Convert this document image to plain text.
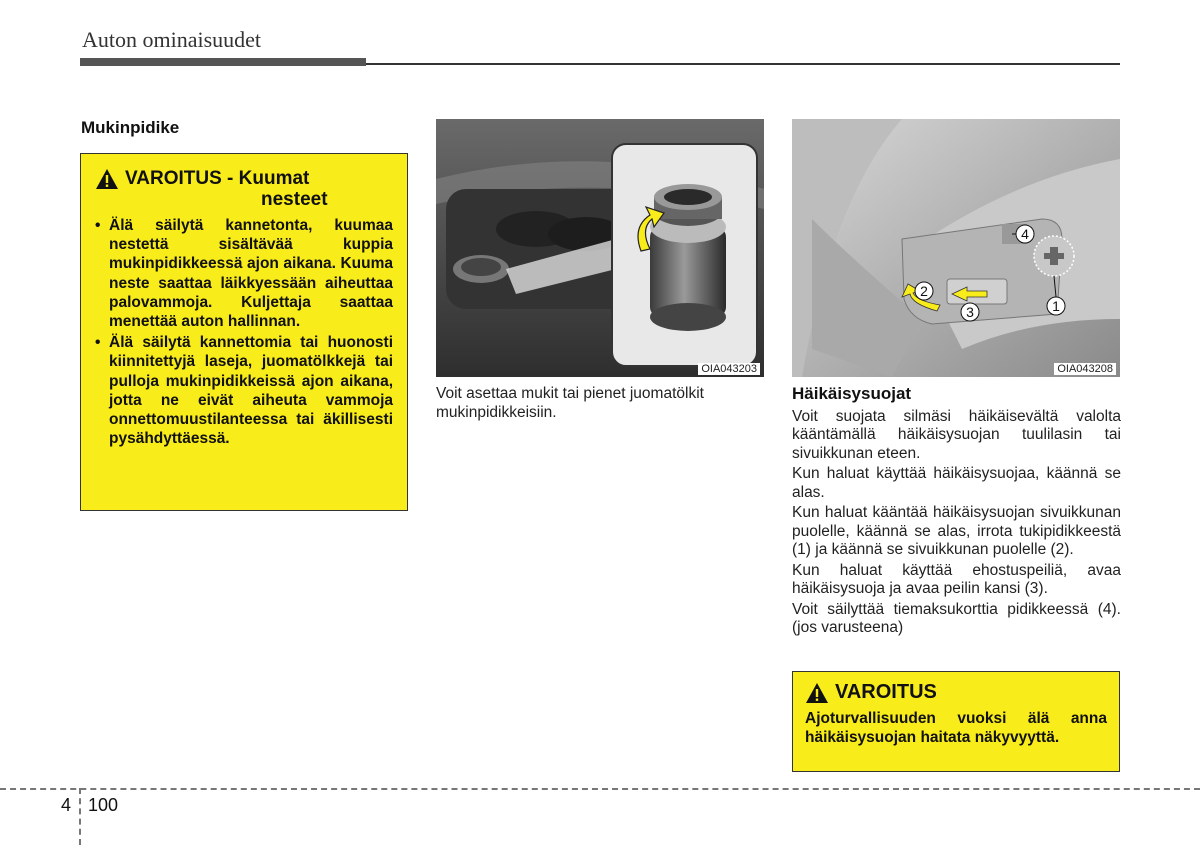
Auton ominaisuudet
Mukinpidike
VAROITUS - Kuumat
nesteet
• Älä säilytä kannetonta, kuumaa nestettä sisältävää kuppia mukinpidikkeessä ajon aikana. Kuuma neste saattaa läikkyessään aiheuttaa palovammoja. Kuljettaja saattaa menettää auton hallinnan.
• Älä säilytä kannettomia tai huonosti kiinnitettyjä laseja, juomatölkkejä tai pulloja mukinpidikkeissä ajon aikana, jotta ne eivät aiheuta vammoja onnettomuustilanteessa tai äkillisesti pysähdyttäessä.
OIA043203
Voit asettaa mukit tai pienet juomatölkit mukinpidikkeisiin.
1
2
3
4
OIA043208
Häikäisysuojat

Voit suojata silmäsi häikäisevältä valolta kääntämällä häikäisysuojan tuulilasin tai sivuikkunan eteen.

Kun haluat käyttää häikäisysuojaa, käännä se alas.

Kun haluat kääntää häikäisysuojan sivuikkunan puolelle, käännä se alas, irrota tukipidikkeestä (1) ja käännä se sivuikkunan puolelle (2).

Kun haluat käyttää ehostuspeiliä, avaa häikäisysuoja ja avaa peilin kansi (3).

Voit säilyttää tiemaksukorttia pidikkeessä (4). (jos varusteena)

VAROITUS
Ajoturvallisuuden vuoksi älä anna häikäisysuojan haitata näkyvyyttä.
4 100
